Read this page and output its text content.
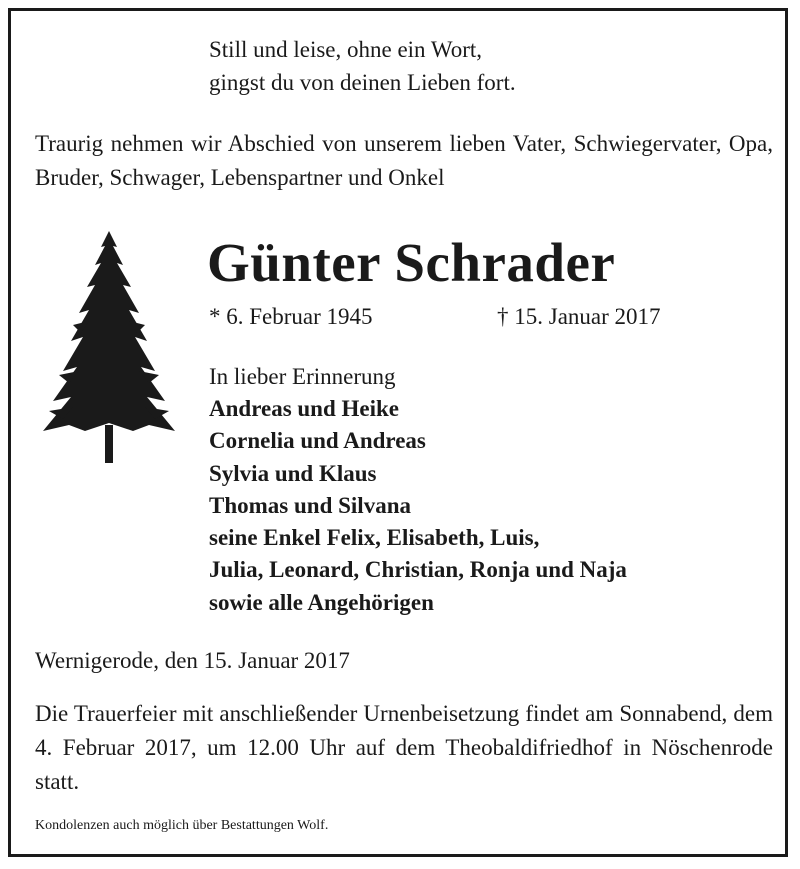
Still und leise, ohne ein Wort,
gingst du von deinen Lieben fort.

Traurig nehmen wir Abschied von unserem lieben Vater, Schwiegervater, Opa, Bruder, Schwager, Lebenspartner und Onkel

Günter Schrader
* 6. Februar 1945	† 15. Januar 2017
In lieber Erinnerung
Andreas und Heike
Cornelia und Andreas
Sylvia und Klaus
Thomas und Silvana
seine Enkel Felix, Elisabeth, Luis,
Julia, Leonard, Christian, Ronja und Naja
sowie alle Angehörigen
Wernigerode, den 15. Januar 2017

Die Trauerfeier mit anschließender Urnenbeisetzung findet am Sonnabend, dem 4. Februar 2017, um 12.00 Uhr auf dem Theobaldifriedhof in Nöschenrode statt.

Kondolenzen auch möglich über Bestattungen Wolf.
